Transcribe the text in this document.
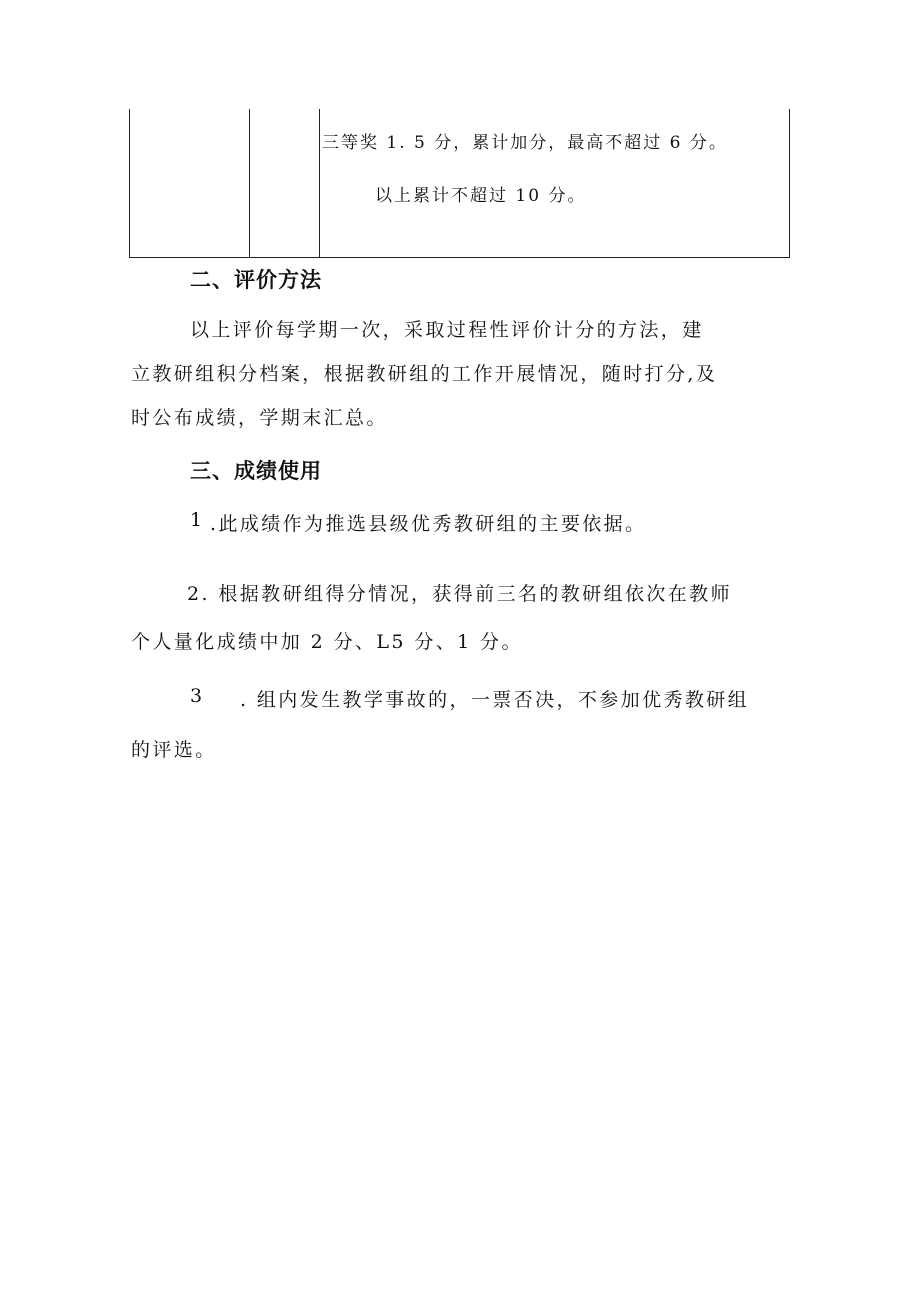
三等奖 1. 5 分，累计加分，最高不超过 6 分。
以上累计不超过 10 分。
二、评价方法
以上评价每学期一次，采取过程性评价计分的方法，建
立教研组积分档案，根据教研组的工作开展情况，随时打分,及
时公布成绩，学期末汇总。
三、成绩使用
1 .此成绩作为推选县级优秀教研组的主要依据。
2. 根据教研组得分情况，获得前三名的教研组依次在教师
个人量化成绩中加 2 分、L5 分、1 分。
3 . 组内发生教学事故的，一票否决，不参加优秀教研组
的评选。
